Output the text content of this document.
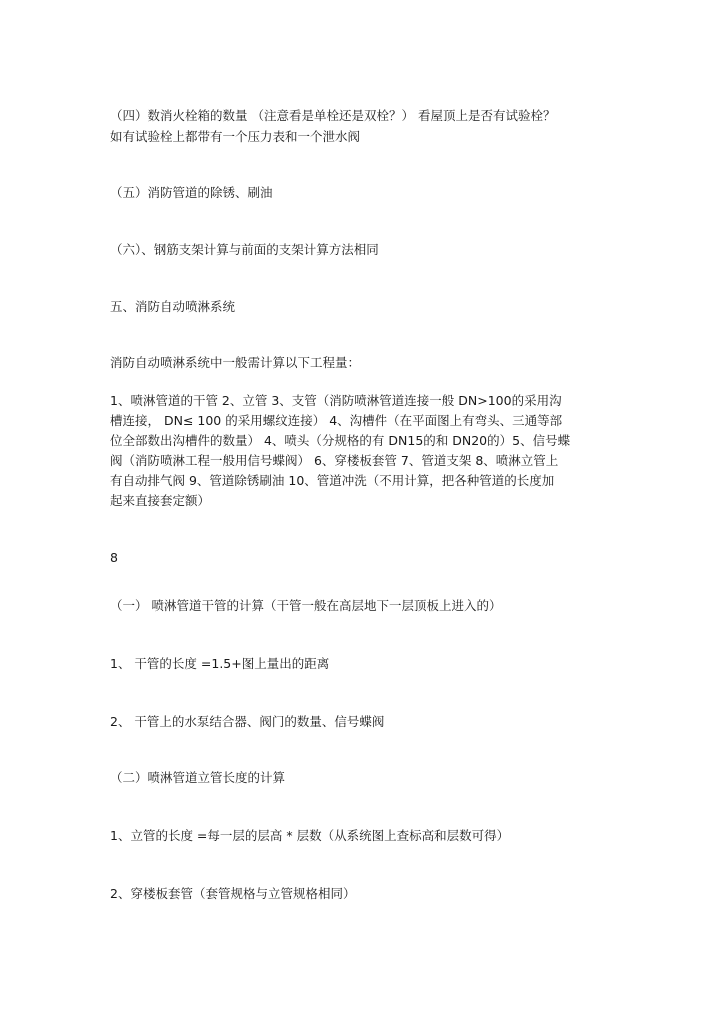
（四）数消火栓箱的数量 （注意看是单栓还是双栓？） 看屋顶上是否有试验栓？
如有试验栓上都带有一个压力表和一个泄水阀
（五）消防管道的除锈、刷油
（六）、钢筋支架计算与前面的支架计算方法相同
五、消防自动喷淋系统
消防自动喷淋系统中一般需计算以下工程量：
1、喷淋管道的干管 2、立管 3、支管（消防喷淋管道连接一般 DN>100的采用沟
槽连接， DN≤ 100 的采用螺纹连接） 4、沟槽件（在平面图上有弯头、三通等部
位全部数出沟槽件的数量） 4、喷头（分规格的有 DN15的和 DN20的）5、信号蝶
阀（消防喷淋工程一般用信号蝶阀） 6、穿楼板套管 7、管道支架 8、喷淋立管上
有自动排气阀 9、管道除锈刷油 10、管道冲洗（不用计算，把各种管道的长度加
起来直接套定额）
8
（一） 喷淋管道干管的计算（干管一般在高层地下一层顶板上进入的）
1、 干管的长度 =1.5+图上量出的距离
2、 干管上的水泵结合器、阀门的数量、信号蝶阀
（二）喷淋管道立管长度的计算
1、立管的长度 =每一层的层高 * 层数（从系统图上查标高和层数可得）
2、穿楼板套管（套管规格与立管规格相同）
